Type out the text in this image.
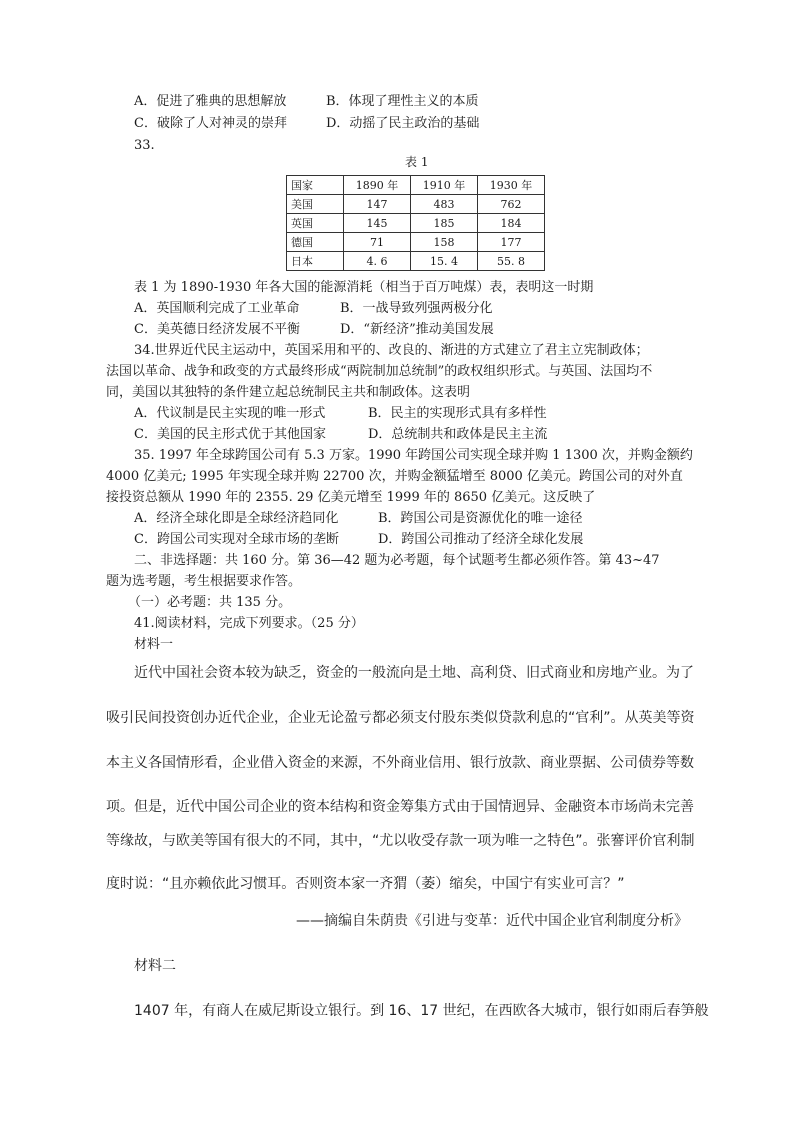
A．促进了雅典的思想解放	B．体现了理性主义的本质
C．破除了人对神灵的崇拜	D．动摇了民主政治的基础
33.
表 1
国家	1890 年	1910 年	1930 年
美国	147	483	762
英国	145	185	184
德国	71	158	177
日本	4. 6	15. 4	55. 8
表 1 为 1890-1930 年各大国的能源消耗（相当于百万吨煤）表，表明这一时期
A．英国顺利完成了工业革命	B．一战导致列强两极分化
C．美英德日经济发展不平衡	D．“新经济”推动美国发展
34.世界近代民主运动中，英国采用和平的、改良的、渐进的方式建立了君主立宪制政体；
法国以革命、战争和政变的方式最终形成“两院制加总统制”的政权组织形式。与英国、法国均不
同，美国以其独特的条件建立起总统制民主共和制政体。这表明
A．代议制是民主实现的唯一形式	B．民主的实现形式具有多样性
C．美国的民主形式优于其他国家	D．总统制共和政体是民主主流
35. 1997 年全球跨国公司有 5.3 万家。1990 年跨国公司实现全球并购 1 1300 次，并购金额约
4000 亿美元; 1995 年实现全球并购 22700 次，并购金额猛增至 8000 亿美元。跨国公司的对外直
接投资总额从 1990 年的 2355. 29 亿美元增至 1999 年的 8650 亿美元。这反映了
A．经济全球化即是全球经济趋同化	B．跨国公司是资源优化的唯一途径
C．跨国公司实现对全球市场的垄断	D．跨国公司推动了经济全球化发展
二、非选择题：共 160 分。第 36—42 题为必考题，每个试题考生都必须作答。第 43~47
题为选考题，考生根据要求作答。
（一）必考题：共 135 分。
41.阅读材料，完成下列要求。（25 分）
材料一
近代中国社会资本较为缺乏，资金的一般流向是土地、高利贷、旧式商业和房地产业。为了
吸引民间投资创办近代企业，企业无论盈亏都必须支付股东类似贷款利息的“官利”。从英美等资
本主义各国情形看，企业借入资金的来源，不外商业信用、银行放款、商业票据、公司债券等数
项。但是，近代中国公司企业的资本结构和资金筹集方式由于国情迥异、金融资本市场尚未完善
等缘故，与欧美等国有很大的不同，其中，“尤以收受存款一项为唯一之特色”。张謇评价官利制
度时说：“且亦赖依此习惯耳。否则资本家一齐猬（萎）缩矣，中国宁有实业可言？”
——摘编自朱荫贵《引进与变革：近代中国企业官利制度分析》
材料二
1407 年，有商人在威尼斯设立银行。到 16、17 世纪，在西欧各大城市，银行如雨后春笋般
